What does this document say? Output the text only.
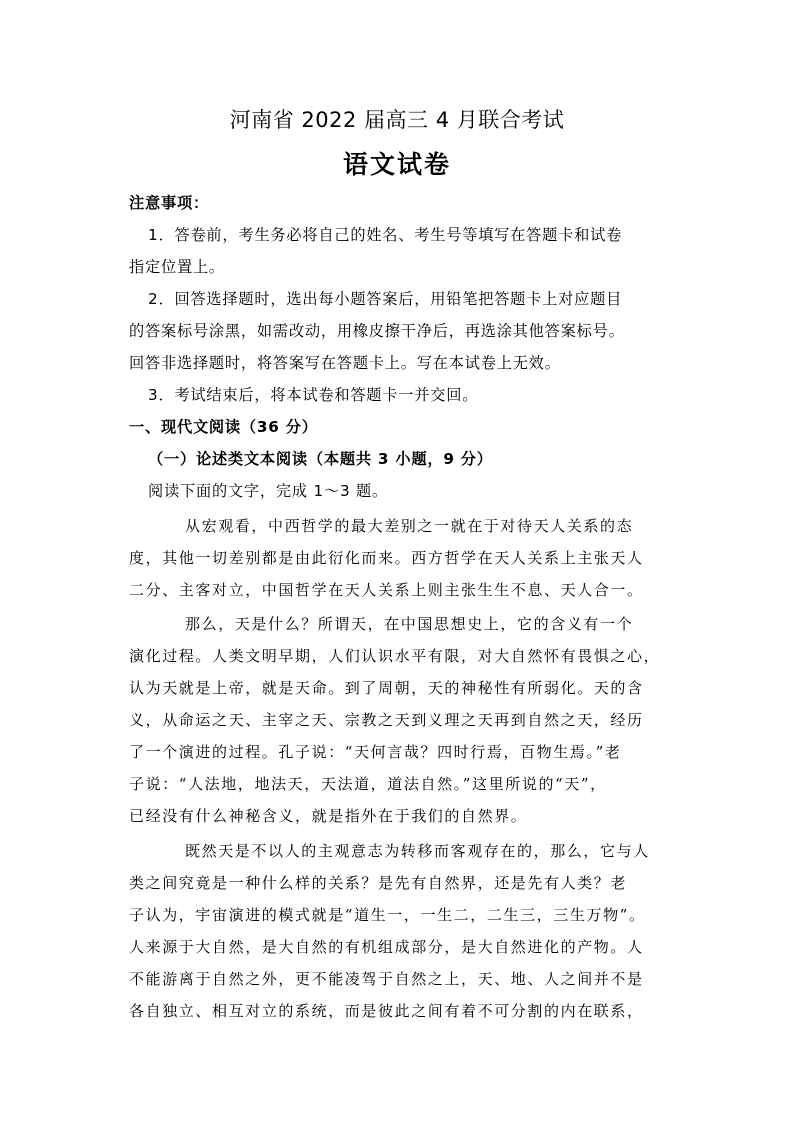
河南省 2022 届高三 4 月联合考试
语文试卷
注意事项：
1．答卷前，考生务必将自己的姓名、考生号等填写在答题卡和试卷
指定位置上。
2．回答选择题时，选出每小题答案后，用铅笔把答题卡上对应题目
的答案标号涂黑，如需改动，用橡皮擦干净后，再选涂其他答案标号。
回答非选择题时，将答案写在答题卡上。写在本试卷上无效。
3．考试结束后，将本试卷和答题卡一并交回。
一、现代文阅读（36 分）
（一）论述类文本阅读（本题共 3 小题，9 分）
阅读下面的文字，完成 1～3 题。
从宏观看，中西哲学的最大差别之一就在于对待天人关系的态
度，其他一切差别都是由此衍化而来。西方哲学在天人关系上主张天人
二分、主客对立，中国哲学在天人关系上则主张生生不息、天人合一。
那么，天是什么？所谓天，在中国思想史上，它的含义有一个
演化过程。人类文明早期，人们认识水平有限，对大自然怀有畏惧之心，
认为天就是上帝，就是天命。到了周朝，天的神秘性有所弱化。天的含
义，从命运之天、主宰之天、宗教之天到义理之天再到自然之天，经历
了一个演进的过程。孔子说：“天何言哉？四时行焉，百物生焉。”老
子说：“人法地，地法天，天法道，道法自然。”这里所说的“天”，
已经没有什么神秘含义，就是指外在于我们的自然界。
既然天是不以人的主观意志为转移而客观存在的，那么，它与人
类之间究竟是一种什么样的关系？是先有自然界，还是先有人类？老
子认为，宇宙演进的模式就是“道生一，一生二，二生三，三生万物”。
人来源于大自然，是大自然的有机组成部分，是大自然进化的产物。人
不能游离于自然之外，更不能凌驾于自然之上，天、地、人之间并不是
各自独立、相互对立的系统，而是彼此之间有着不可分割的内在联系，
